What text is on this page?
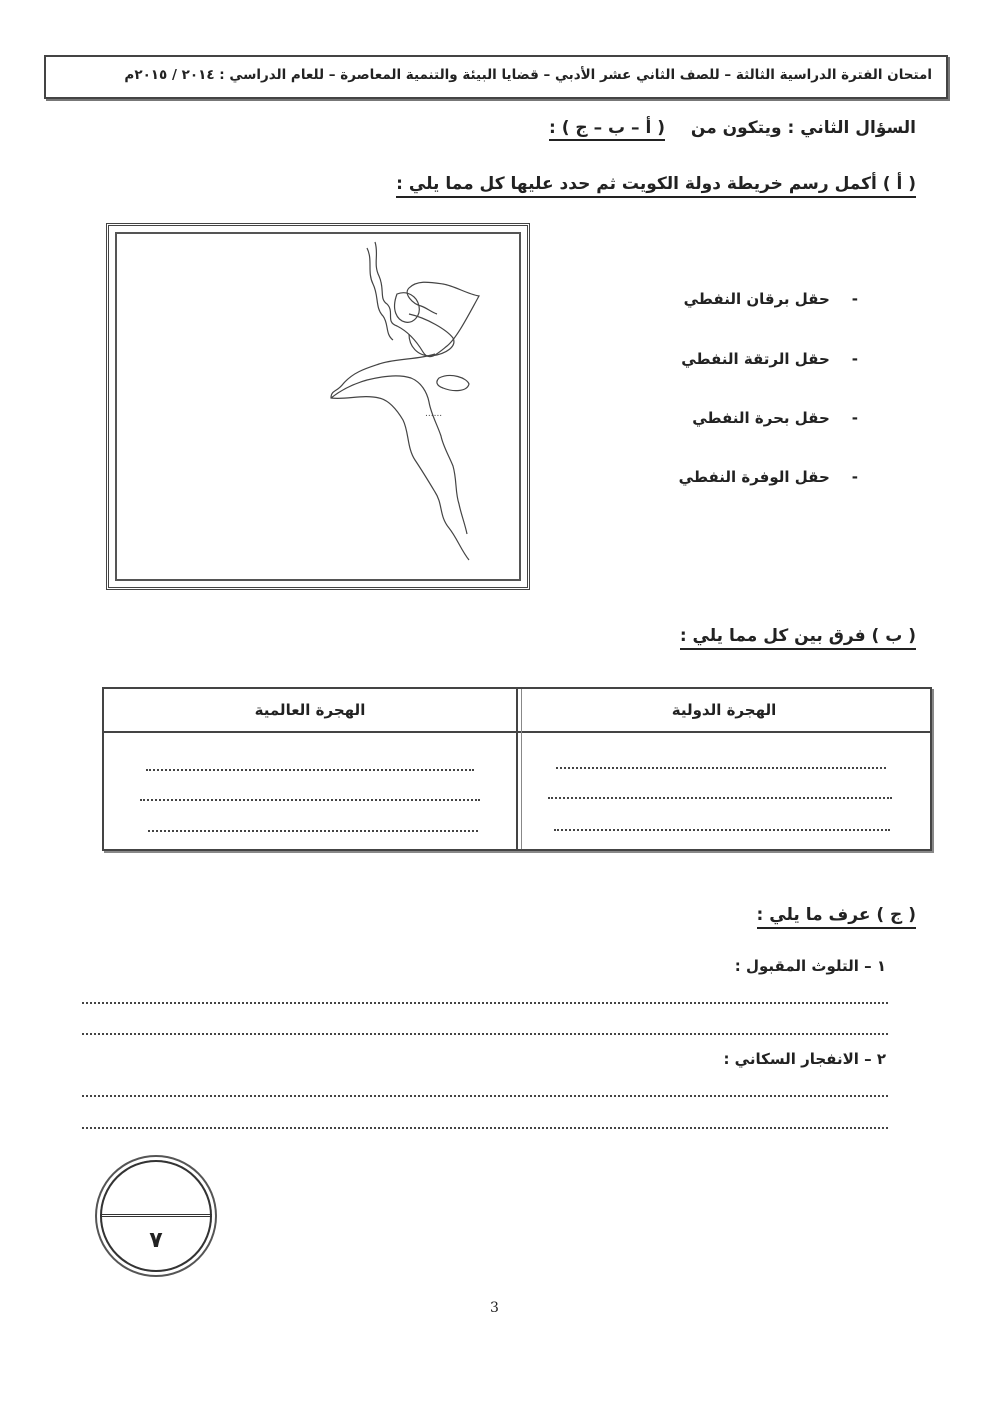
امتحان الفترة الدراسية الثالثة – للصف الثاني عشر الأدبي – قضايا البيئة والتنمية المعاصرة – للعام الدراسي : ٢٠١٤ / ٢٠١٥م
السؤال الثاني : ويتكون من ( أ – ب – ج ) :
( أ ) أكمل رسم خريطة دولة الكويت ثم حدد عليها كل مما يلي :
......
-حقل برقان النفطي
-حقل الرتقة النفطي
-حقل بحرة النفطي
-حقل الوفرة النفطي
( ب ) فرق بين كل مما يلي :
الهجرة الدولية
الهجرة العالمية
( ج ) عرف ما يلي :
١ – التلوث المقبول :
٢ – الانفجار السكاني :
٧
3
